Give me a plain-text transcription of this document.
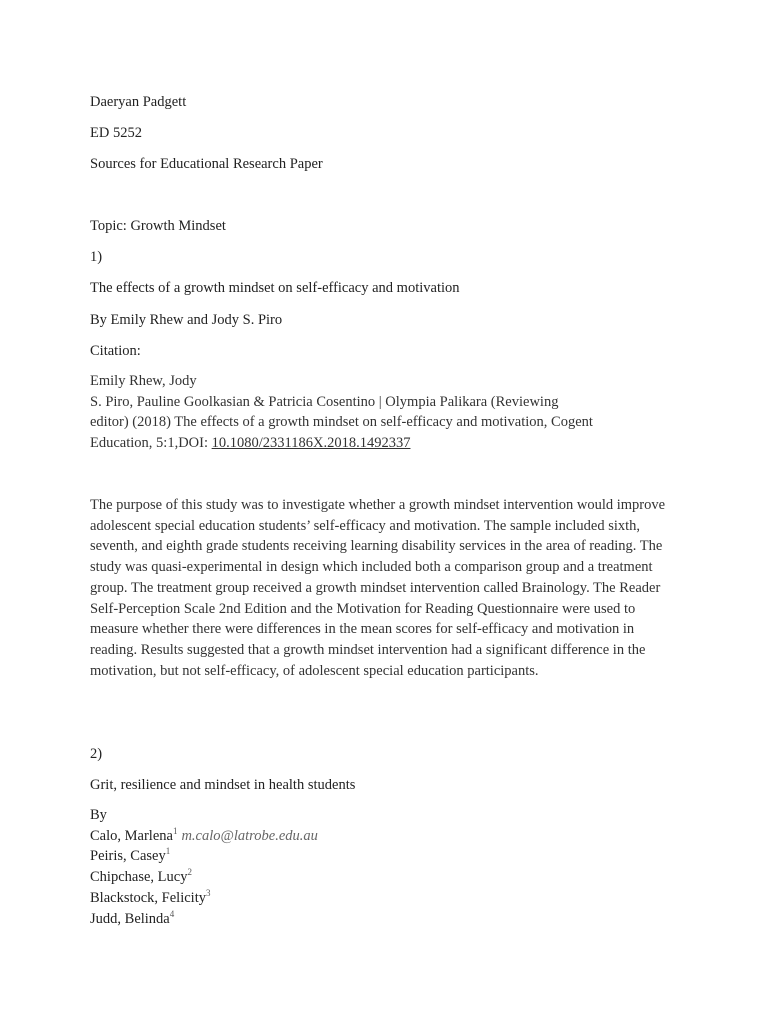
Daeryan Padgett
ED 5252
Sources for Educational Research Paper
Topic: Growth Mindset
1)
The effects of a growth mindset on self-efficacy and motivation
By Emily Rhew and Jody S. Piro
Citation:
Emily Rhew, Jody
S. Piro, Pauline Goolkasian & Patricia Cosentino | Olympia Palikara (Reviewing
editor) (2018) The effects of a growth mindset on self-efficacy and motivation, Cogent
Education, 5:1,DOI: 10.1080/2331186X.2018.1492337
The purpose of this study was to investigate whether a growth mindset intervention would improve adolescent special education students’ self-efficacy and motivation. The sample included sixth, seventh, and eighth grade students receiving learning disability services in the area of reading. The study was quasi-experimental in design which included both a comparison group and a treatment group. The treatment group received a growth mindset intervention called Brainology. The Reader Self-Perception Scale 2nd Edition and the Motivation for Reading Questionnaire were used to measure whether there were differences in the mean scores for self-efficacy and motivation in reading. Results suggested that a growth mindset intervention had a significant difference in the motivation, but not self-efficacy, of adolescent special education participants.
2)
Grit, resilience and mindset in health students
By
Calo, Marlena$^1$ m.calo@latrobe.edu.au
Peiris, Casey$^1$
Chipchase, Lucy$^2$
Blackstock, Felicity$^3$
Judd, Belinda$^4$
